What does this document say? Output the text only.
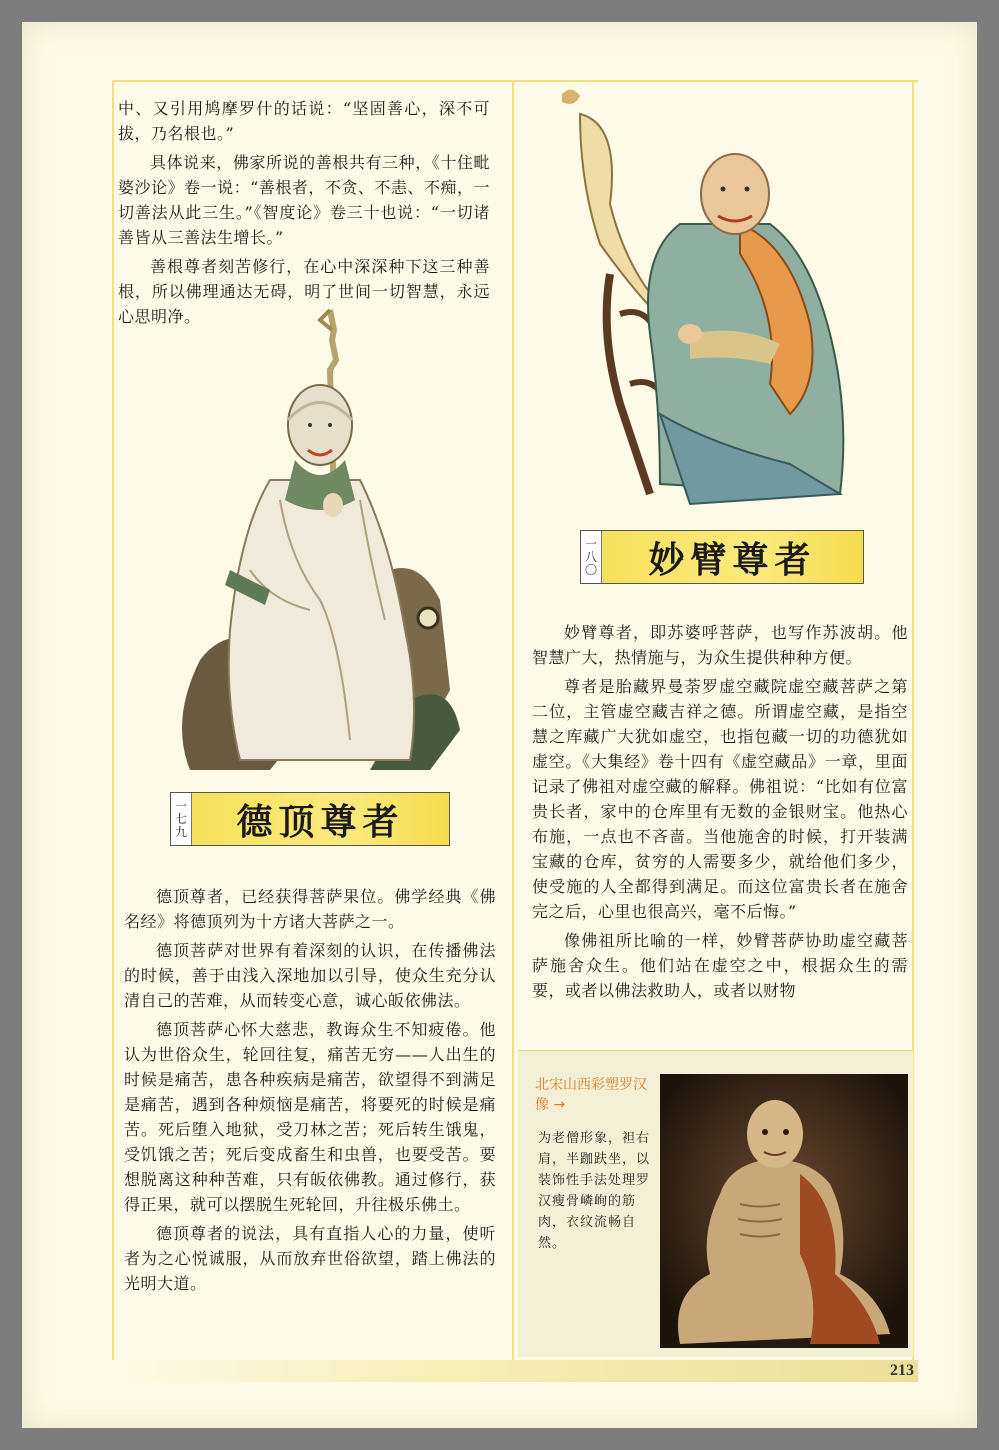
中、又引用鸠摩罗什的话说：“坚固善心，深不可拔，乃名根也。”

具体说来，佛家所说的善根共有三种，《十住毗婆沙论》卷一说：“善根者，不贪、不恚、不痴，一切善法从此三生。”《智度论》卷三十也说：“一切诸善皆从三善法生增长。”

善根尊者刻苦修行，在心中深深种下这三种善根，所以佛理通达无碍，明了世间一切智慧，永远心思明净。

一
七
九	德顶尊者

德顶尊者，已经获得菩萨果位。佛学经典《佛名经》将德顶列为十方诸大菩萨之一。

德顶菩萨对世界有着深刻的认识，在传播佛法的时候，善于由浅入深地加以引导，使众生充分认清自己的苦难，从而转变心意，诚心皈依佛法。

德顶菩萨心怀大慈悲，教诲众生不知疲倦。他认为世俗众生，轮回往复，痛苦无穷——人出生的时候是痛苦，患各种疾病是痛苦，欲望得不到满足是痛苦，遇到各种烦恼是痛苦，将要死的时候是痛苦。死后堕入地狱，受刀林之苦；死后转生饿鬼，受饥饿之苦；死后变成畜生和虫兽，也要受苦。要想脱离这种种苦难，只有皈依佛教。通过修行，获得正果，就可以摆脱生死轮回，升往极乐佛土。

德顶尊者的说法，具有直指人心的力量，使听者为之心悦诚服，从而放弃世俗欲望，踏上佛法的光明大道。

一
八
〇	妙臂尊者

妙臂尊者，即苏婆呼菩萨，也写作苏波胡。他智慧广大，热情施与，为众生提供种种方便。

尊者是胎藏界曼荼罗虚空藏院虚空藏菩萨之第二位，主管虚空藏吉祥之德。所谓虚空藏，是指空慧之库藏广大犹如虚空，也指包藏一切的功德犹如虚空。《大集经》卷十四有《虚空藏品》一章，里面记录了佛祖对虚空藏的解释。佛祖说：“比如有位富贵长者，家中的仓库里有无数的金银财宝。他热心布施，一点也不吝啬。当他施舍的时候，打开装满宝藏的仓库，贫穷的人需要多少，就给他们多少，使受施的人全都得到满足。而这位富贵长者在施舍完之后，心里也很高兴，毫不后悔。”

像佛祖所比喻的一样，妙臂菩萨协助虚空藏菩萨施舍众生。他们站在虚空之中，根据众生的需要，或者以佛法救助人，或者以财物

北宋山西彩塑罗汉像 →
为老僧形象，袒右肩，半跏趺坐，以装饰性手法处理罗汉瘦骨嶙峋的筋肉，衣纹流畅自然。
213
